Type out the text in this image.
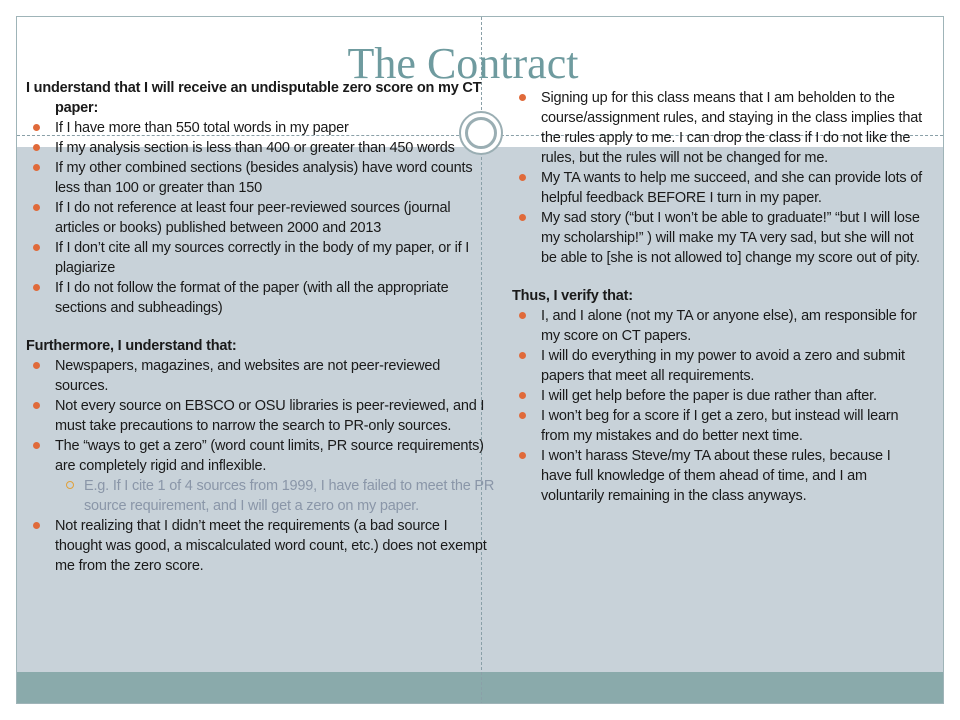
The Contract

I understand that I will receive an undisputable zero score on my CT paper:

If I have more than 550 total words in my paper
If my analysis section is less than 400 or greater than 450 words
If my other combined sections (besides analysis) have word counts less than 100 or greater than 150
If I do not reference at least four peer-reviewed sources (journal articles or books) published between 2000 and 2013
If I don’t cite all my sources correctly in the body of my paper, or if I plagiarize
If I do not follow the format of the paper (with all the appropriate sections and subheadings)

Furthermore, I understand that:

Newspapers, magazines, and websites are not peer-reviewed sources.
Not every source on EBSCO or OSU libraries is peer-reviewed, and I must take precautions to narrow the search to PR-only sources.
The “ways to get a zero” (word count limits, PR source requirements) are completely rigid and inflexible.
E.g. If I cite 1 of 4 sources from 1999, I have failed to meet the PR source requirement, and I will get a zero on my paper.
Not realizing that I didn’t meet the requirements (a bad source I thought was good, a miscalculated word count, etc.) does not exempt me from the zero score.
Signing up for this class means that I am beholden to the course/assignment rules, and staying in the class implies that the rules apply to me. I can drop the class if I do not like the rules, but the rules will not be changed for me.
My TA wants to help me succeed, and she can provide lots of helpful feedback BEFORE I turn in my paper.
My sad story (“but I won’t be able to graduate!” “but I will lose my scholarship!” ) will make my TA very sad, but she will not be able to [she is not allowed to] change my score out of pity.

Thus, I verify that:

I, and I alone (not my TA or anyone else), am responsible for my score on CT papers.
I will do everything in my power to avoid a zero and submit papers that meet all requirements.
I will get help before the paper is due rather than after.
I won’t beg for a score if I get a zero, but instead will learn from my mistakes and do better next time.
I won’t harass Steve/my TA about these rules, because I have full knowledge of them ahead of time, and I am voluntarily remaining in the class anyways.
